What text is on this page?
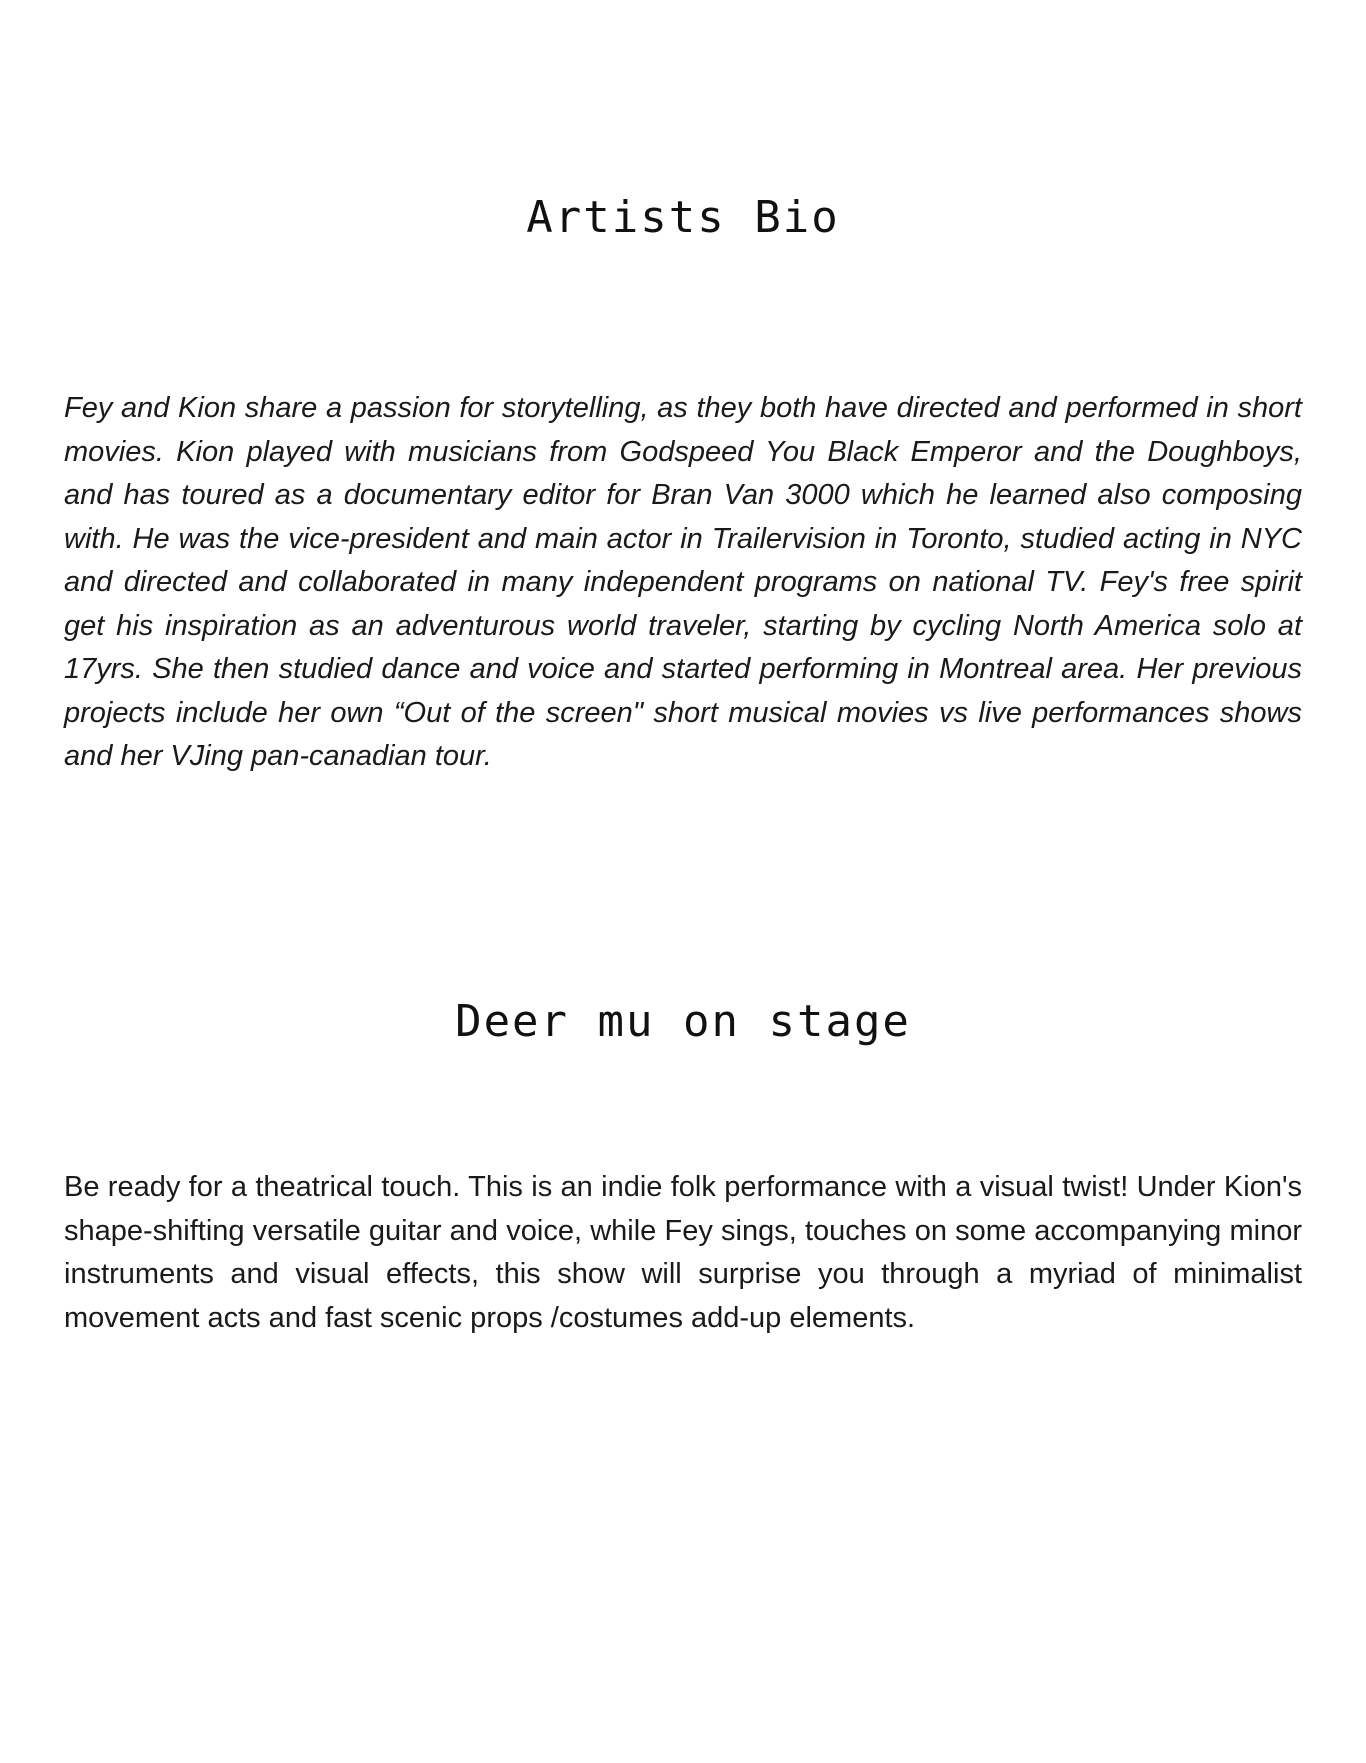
Artists Bio

Fey and Kion share a passion for storytelling, as they both have directed and performed in short movies. Kion played with musicians from Godspeed You Black Emperor and the Doughboys, and has toured as a documentary editor for Bran Van 3000 which he learned also composing with. He was the vice-president and main actor in Trailervision in Toronto, studied acting in NYC and directed and collaborated in many independent programs on national TV. Fey's free spirit get his inspiration as an adventurous world traveler, starting by cycling North America solo at 17yrs. She then studied dance and voice and started performing in Montreal area. Her previous projects include her own “Out of the screen" short musical movies vs live performances shows and her VJing pan-canadian tour.

Deer mu on stage

Be ready for a theatrical touch. This is an indie folk performance with a visual twist! Under Kion's shape-shifting versatile guitar and voice, while Fey sings, touches on some accompanying minor instruments and visual effects, this show will surprise you through a myriad of minimalist movement acts and fast scenic props /costumes add-up elements.
